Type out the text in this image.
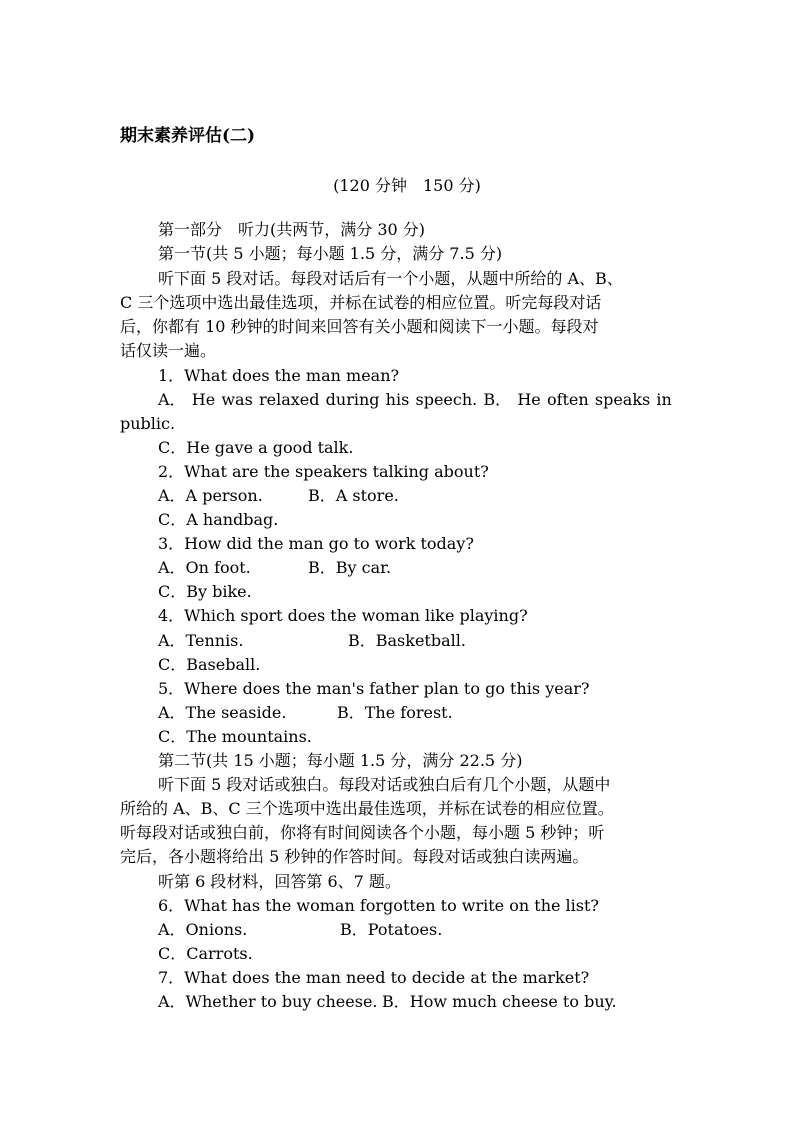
期末素养评估(二)
(120 分钟　150 分)
第一部分　听力(共两节，满分 30 分)
第一节(共 5 小题；每小题 1.5 分，满分 7.5 分)
听下面 5 段对话。每段对话后有一个小题，从题中所给的 A、B、
C 三个选项中选出最佳选项，并标在试卷的相应位置。听完每段对话
后，你都有 10 秒钟的时间来回答有关小题和阅读下一小题。每段对
话仅读一遍。
1．What does the man mean?
A． He was relaxed during his speech. B． He often speaks in
public.
C．He gave a good talk.
2．What are the speakers talking about?
A．A person.	B．A store.
C．A handbag.
3．How did the man go to work today?
A．On foot.	B．By car.
C．By bike.
4．Which sport does the woman like playing?
A．Tennis.	B．Basketball.
C．Baseball.
5．Where does the man's father plan to go this year?
A．The seaside.	B．The forest.
C．The mountains.
第二节(共 15 小题；每小题 1.5 分，满分 22.5 分)
听下面 5 段对话或独白。每段对话或独白后有几个小题，从题中
所给的 A、B、C 三个选项中选出最佳选项，并标在试卷的相应位置。
听每段对话或独白前，你将有时间阅读各个小题，每小题 5 秒钟；听
完后，各小题将给出 5 秒钟的作答时间。每段对话或独白读两遍。
听第 6 段材料，回答第 6、7 题。
6．What has the woman forgotten to write on the list?
A．Onions.	B．Potatoes.
C．Carrots.
7．What does the man need to decide at the market?
A．Whether to buy cheese. B．How much cheese to buy.
